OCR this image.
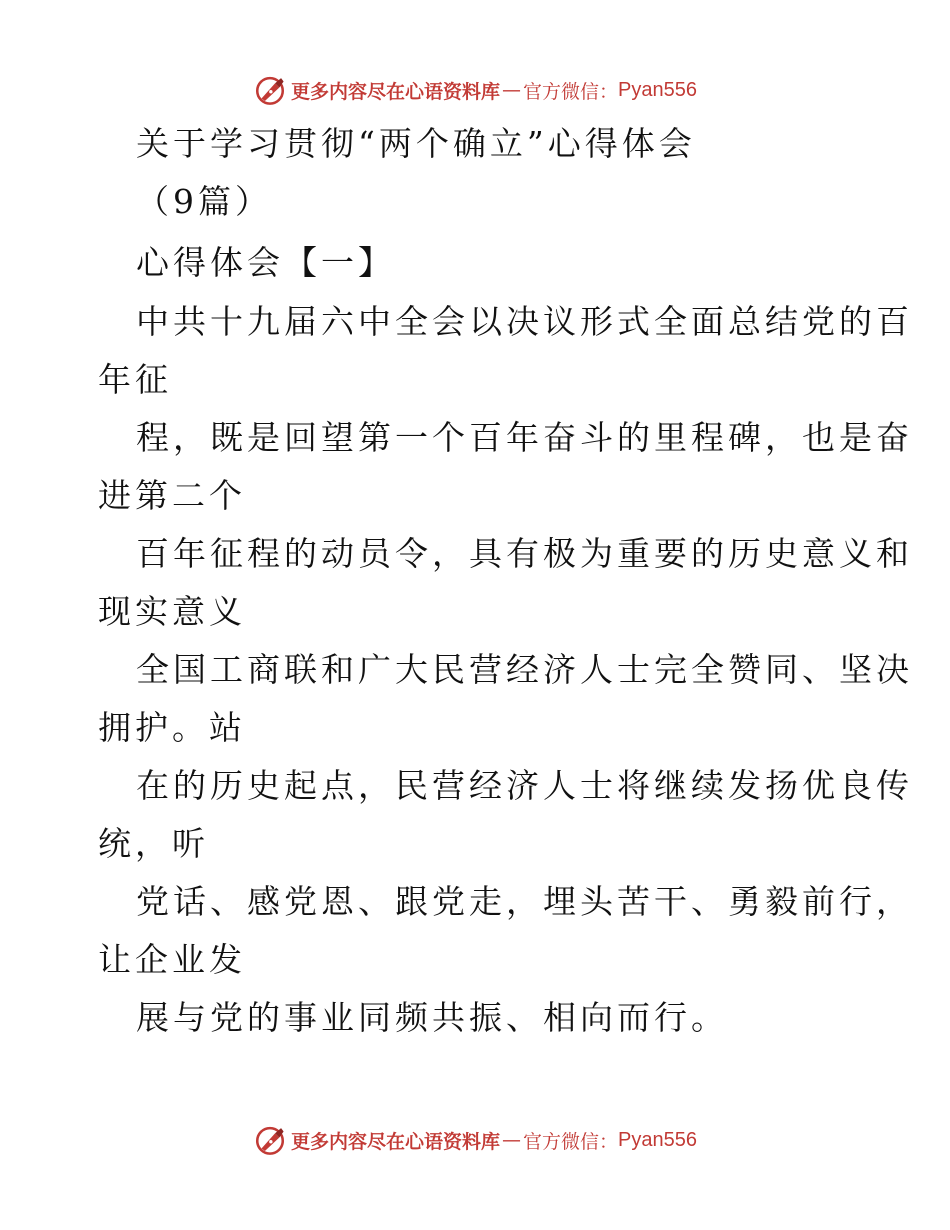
更多内容尽在心语资料库 — 官方微信： Pyan556
关于学习贯彻“两个确立”心得体会
（9篇）
心得体会【一】
中共十九届六中全会以决议形式全面总结党的百
年征
程，既是回望第一个百年奋斗的里程碑，也是奋
进第二个
百年征程的动员令，具有极为重要的历史意义和
现实意义
全国工商联和广大民营经济人士完全赞同、坚决
拥护。站
在的历史起点，民营经济人士将继续发扬优良传
统，听
党话、感党恩、跟党走，埋头苦干、勇毅前行，
让企业发
展与党的事业同频共振、相向而行。
更多内容尽在心语资料库 — 官方微信： Pyan556
